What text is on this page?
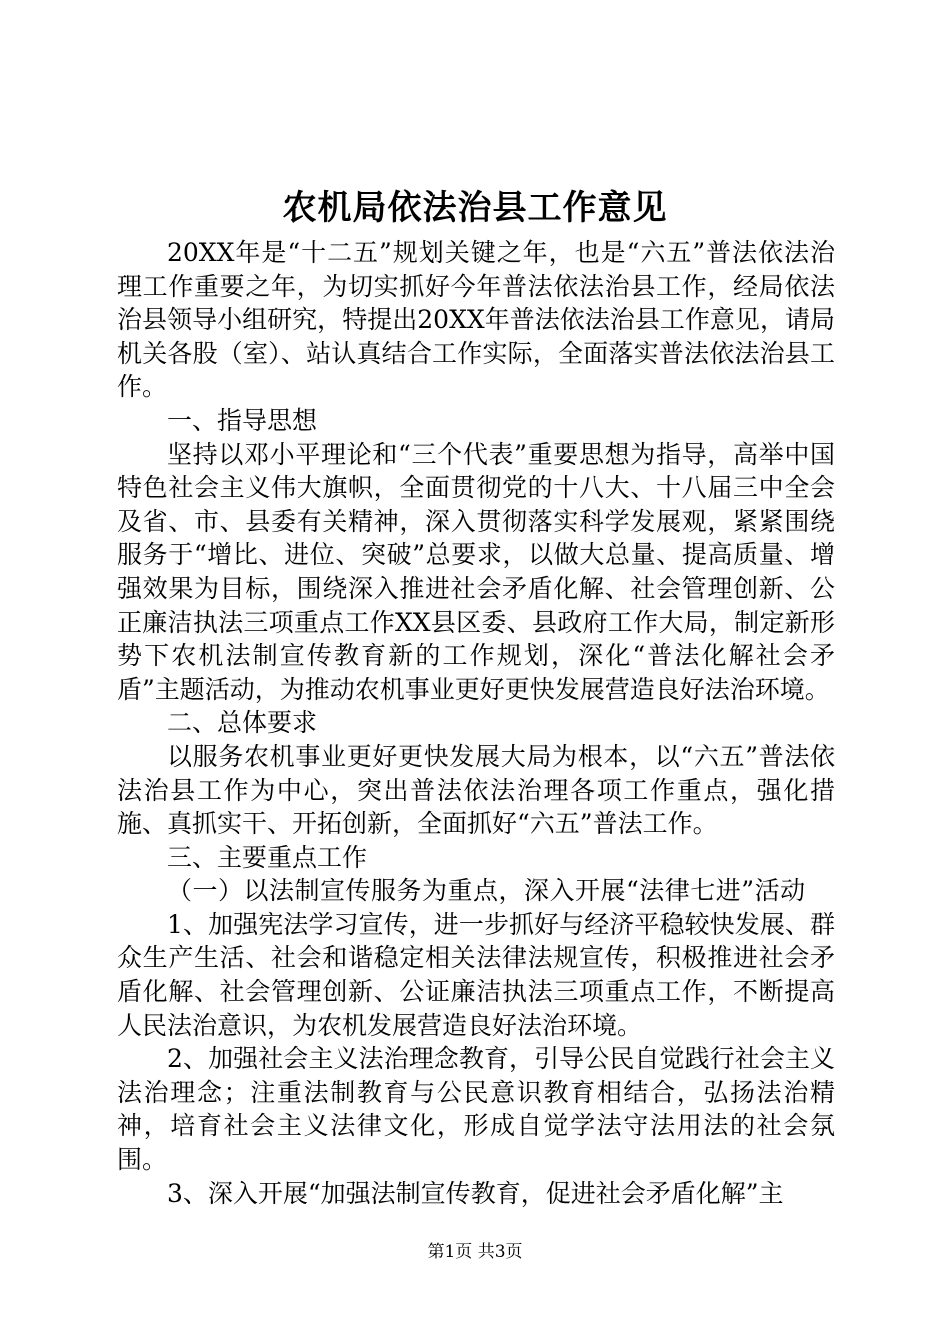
农机局依法治县工作意见

20XX年是“十二五”规划关键之年，也是“六五”普法依法治理工作重要之年，为切实抓好今年普法依法治县工作，经局依法治县领导小组研究，特提出20XX年普法依法治县工作意见，请局机关各股（室）、站认真结合工作实际，全面落实普法依法治县工作。

一、指导思想

坚持以邓小平理论和“三个代表”重要思想为指导，高举中国特色社会主义伟大旗帜，全面贯彻党的十八大、十八届三中全会及省、市、县委有关精神，深入贯彻落实科学发展观，紧紧围绕服务于“增比、进位、突破”总要求，以做大总量、提高质量、增强效果为目标，围绕深入推进社会矛盾化解、社会管理创新、公正廉洁执法三项重点工作XX县区委、县政府工作大局，制定新形势下农机法制宣传教育新的工作规划，深化“普法化解社会矛盾”主题活动，为推动农机事业更好更快发展营造良好法治环境。

二、总体要求

以服务农机事业更好更快发展大局为根本，以“六五”普法依法治县工作为中心，突出普法依法治理各项工作重点，强化措施、真抓实干、开拓创新，全面抓好“六五”普法工作。

三、主要重点工作

（一）以法制宣传服务为重点，深入开展“法律七进”活动

1、加强宪法学习宣传，进一步抓好与经济平稳较快发展、群众生产生活、社会和谐稳定相关法律法规宣传，积极推进社会矛盾化解、社会管理创新、公证廉洁执法三项重点工作，不断提高人民法治意识，为农机发展营造良好法治环境。

2、加强社会主义法治理念教育，引导公民自觉践行社会主义法治理念；注重法制教育与公民意识教育相结合，弘扬法治精神，培育社会主义法律文化，形成自觉学法守法用法的社会氛围。

3、深入开展“加强法制宣传教育，促进社会矛盾化解”主

第1页 共3页
